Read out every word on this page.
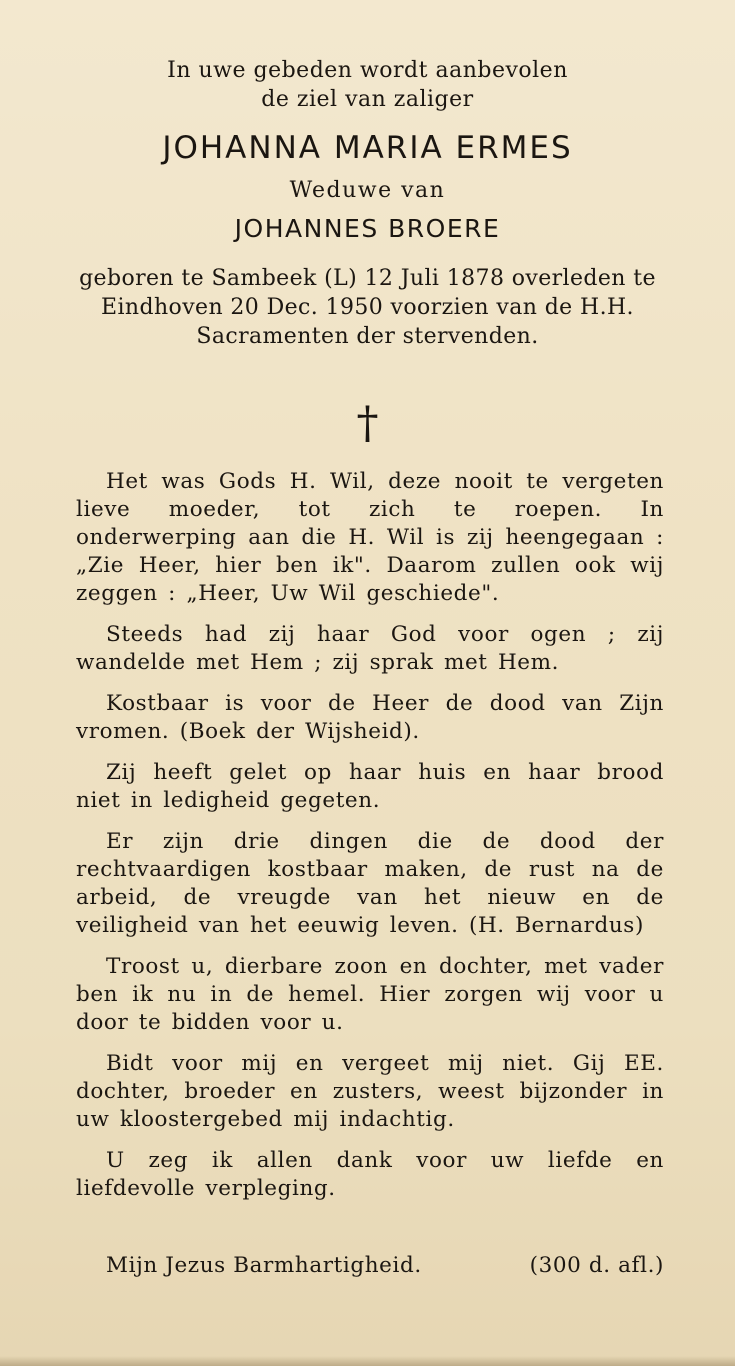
In uwe gebeden wordt aanbevolen

de ziel van zaliger

JOHANNA MARIA ERMES

Weduwe van

JOHANNES BROERE

geboren te Sambeek (L) 12 Juli 1878 overleden te Eindhoven 20 Dec. 1950 voorzien van de H.H. Sacramenten der stervenden.

†

Het was Gods H. Wil, deze nooit te vergeten lieve moeder, tot zich te roepen. In onderwerping aan die H. Wil is zij heengegaan : „Zie Heer, hier ben ik". Daarom zullen ook wij zeggen : „Heer, Uw Wil geschiede".

Steeds had zij haar God voor ogen ; zij wandelde met Hem ; zij sprak met Hem.

Kostbaar is voor de Heer de dood van Zijn vromen. (Boek der Wijsheid).

Zij heeft gelet op haar huis en haar brood niet in ledigheid gegeten.

Er zijn drie dingen die de dood der rechtvaardigen kostbaar maken, de rust na de arbeid, de vreugde van het nieuw en de veiligheid van het eeuwig leven. (H. Bernardus)

Troost u, dierbare zoon en dochter, met vader ben ik nu in de hemel. Hier zorgen wij voor u door te bidden voor u.

Bidt voor mij en vergeet mij niet. Gij EE. dochter, broeder en zusters, weest bijzonder in uw kloostergebed mij indachtig.

U zeg ik allen dank voor uw liefde en liefdevolle verpleging.

Mijn Jezus Barmhartigheid.	(300 d. afl.)
